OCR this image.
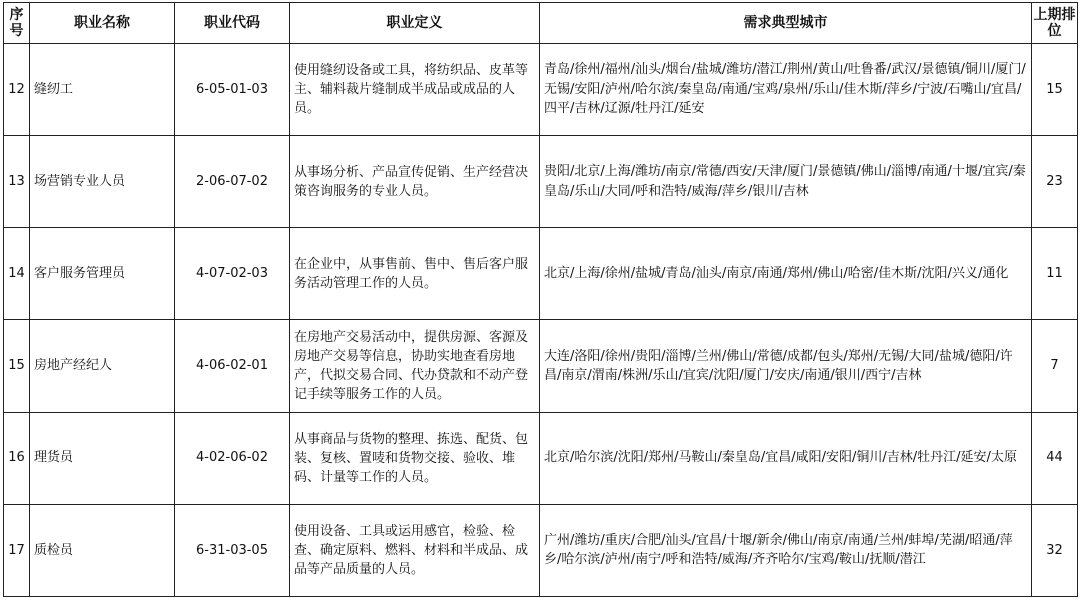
序号	职业名称	职业代码	职业定义	需求典型城市	上期排位
12	缝纫工	6-05-01-03	使用缝纫设备或工具，将纺织品、皮革等主、辅料裁片缝制成半成品或成品的人员。	青岛/徐州/福州/汕头/烟台/盐城/潍坊/潜江/荆州/黄山/吐鲁番/武汉/景德镇/铜川/厦门/无锡/安阳/泸州/哈尔滨/秦皇岛/南通/宝鸡/泉州/乐山/佳木斯/萍乡/宁波/石嘴山/宜昌/四平/吉林/辽源/牡丹江/延安	15
13	场营销专业人员	2-06-07-02	从事场分析、产品宣传促销、生产经营决策咨询服务的专业人员。	贵阳/北京/上海/潍坊/南京/常德/西安/天津/厦门/景德镇/佛山/淄博/南通/十堰/宜宾/秦皇岛/乐山/大同/呼和浩特/威海/萍乡/银川/吉林	23
14	客户服务管理员	4-07-02-03	在企业中，从事售前、售中、售后客户服务活动管理工作的人员。	北京/上海/徐州/盐城/青岛/汕头/南京/南通/郑州/佛山/哈密/佳木斯/沈阳/兴义/通化	11
15	房地产经纪人	4-06-02-01	在房地产交易活动中，提供房源、客源及房地产交易等信息，协助实地查看房地产，代拟交易合同、代办贷款和不动产登记手续等服务工作的人员。	大连/洛阳/徐州/贵阳/淄博/兰州/佛山/常德/成都/包头/郑州/无锡/大同/盐城/德阳/许昌/南京/渭南/株洲/乐山/宜宾/沈阳/厦门/安庆/南通/银川/西宁/吉林	7
16	理货员	4-02-06-02	从事商品与货物的整理、拣选、配货、包装、复核、置唛和货物交接、验收、堆码、计量等工作的人员。	北京/哈尔滨/沈阳/郑州/马鞍山/秦皇岛/宜昌/咸阳/安阳/铜川/吉林/牡丹江/延安/太原	44
17	质检员	6-31-03-05	使用设备、工具或运用感官，检验、检查、确定原料、燃料、材料和半成品、成品等产品质量的人员。	广州/潍坊/重庆/合肥/汕头/宜昌/十堰/新余/佛山/南京/南通/兰州/蚌埠/芜湖/昭通/萍乡/哈尔滨/泸州/南宁/呼和浩特/威海/齐齐哈尔/宝鸡/鞍山/抚顺/潜江	32
